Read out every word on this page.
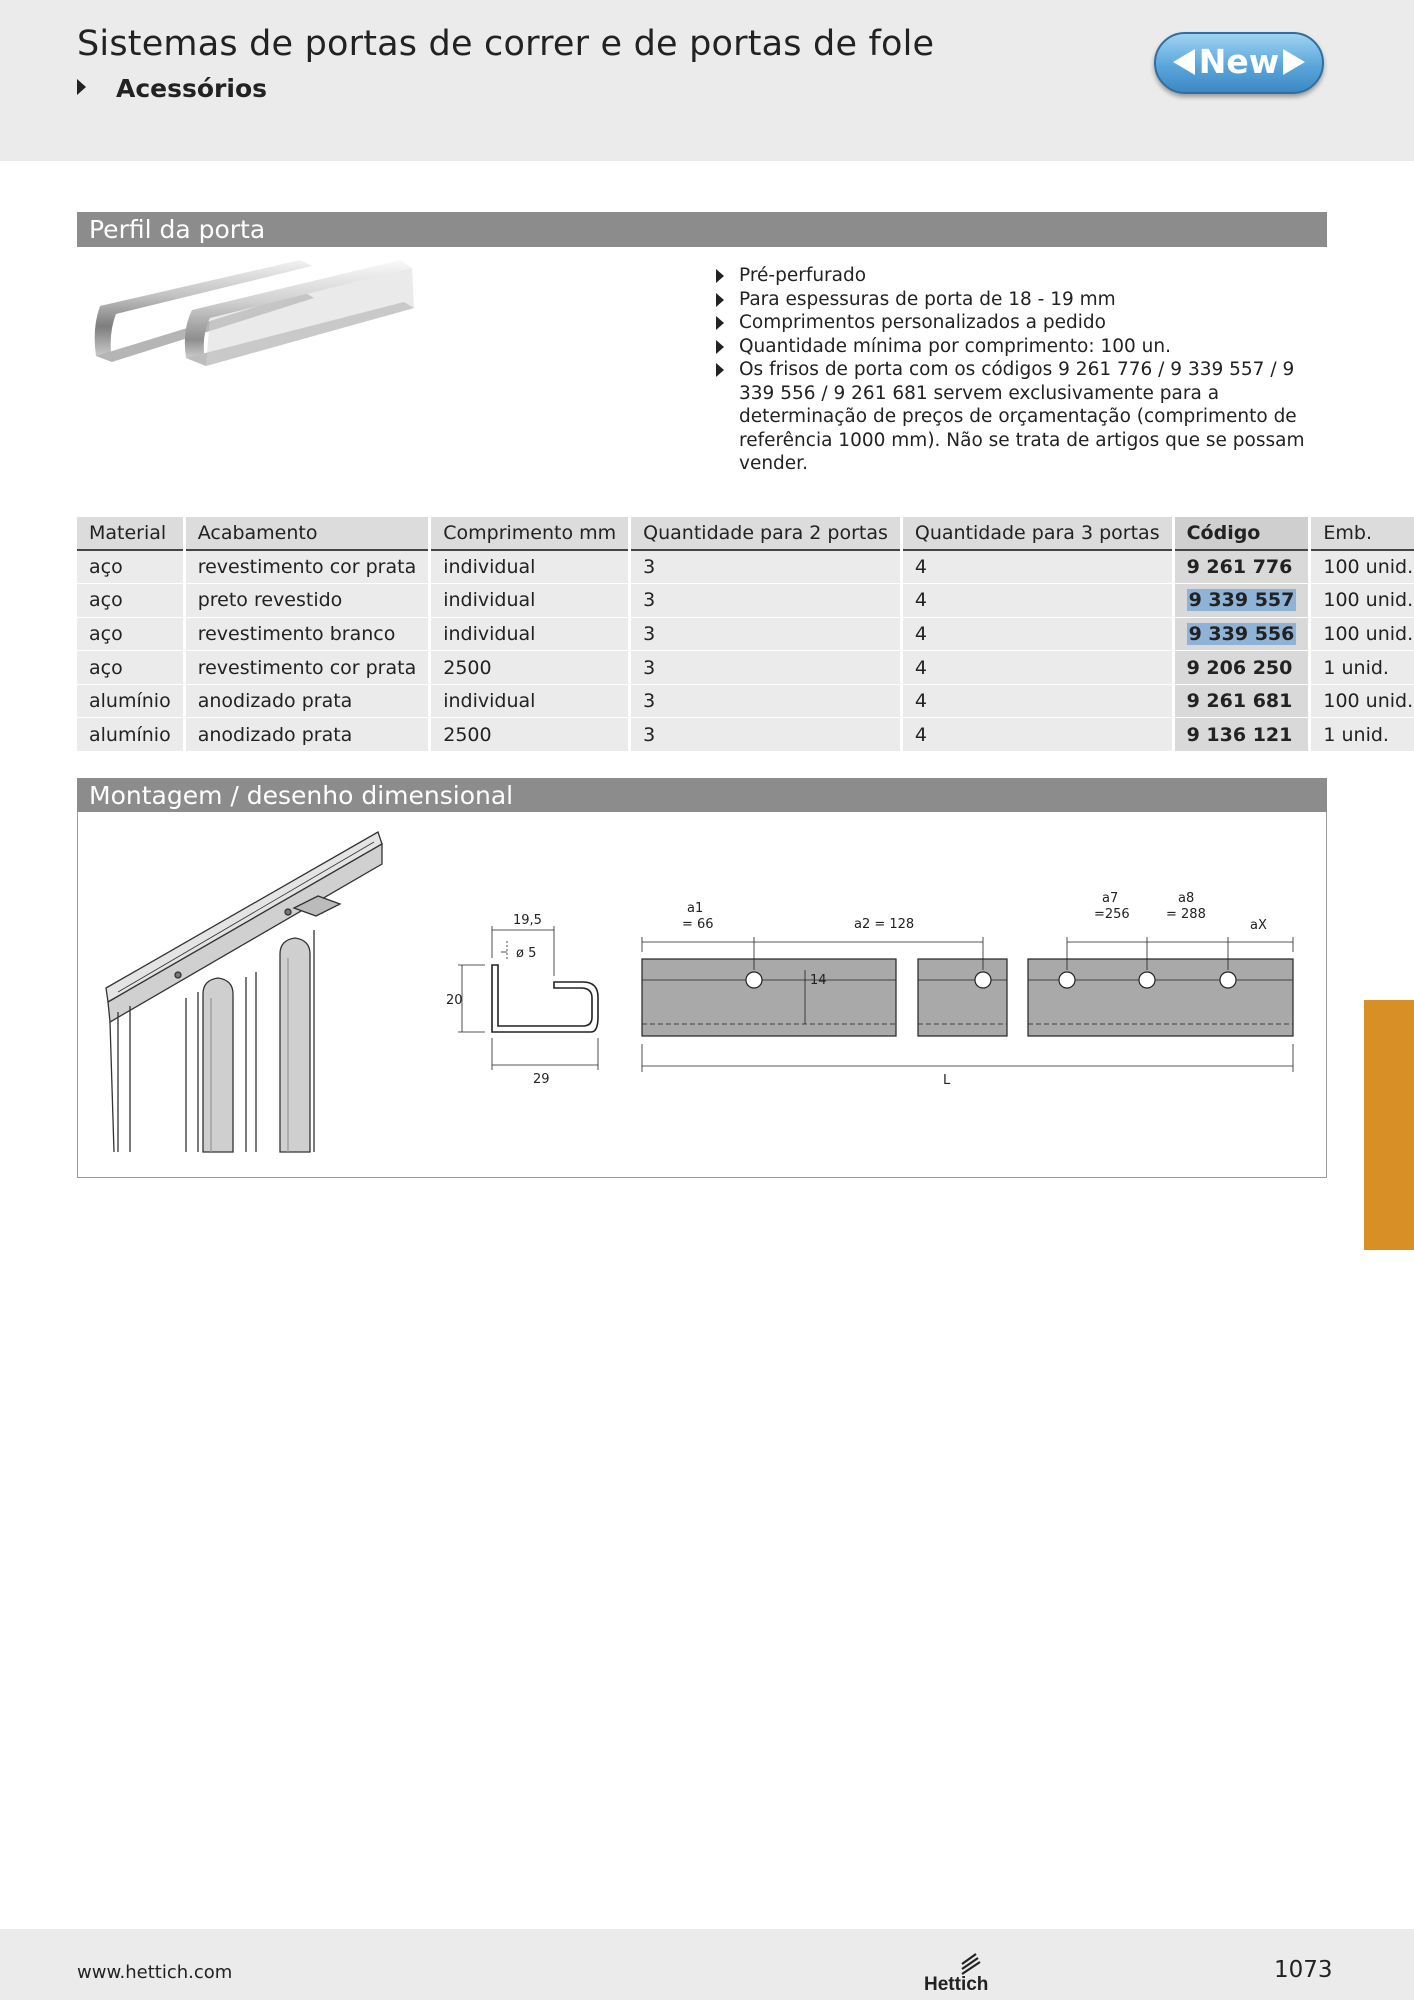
Sistemas de portas de correr e de portas de fole
Acessórios
New
Perfil da porta
Pré-perfurado
Para espessuras de porta de 18 - 19 mm
Comprimentos personalizados a pedido
Quantidade mínima por comprimento: 100 un.
Os frisos de porta com os códigos 9 261 776 / 9 339 557 / 9 339 556 / 9 261 681 servem exclusivamente para a determinação de preços de orçamentação (comprimento de referência 1000 mm). Não se trata de artigos que se possam vender.
Material	Acabamento	Comprimento mm	Quantidade para 2 portas	Quantidade para 3 portas	Código	Emb.
aço	revestimento cor prata	individual	3	4	9 261 776	100 unid.
aço	preto revestido	individual	3	4	9 339 557	100 unid.
aço	revestimento branco	individual	3	4	9 339 556	100 unid.
aço	revestimento cor prata	2500	3	4	9 206 250	1 unid.
alumínio	anodizado prata	individual	3	4	9 261 681	100 unid.
alumínio	anodizado prata	2500	3	4	9 136 121	1 unid.
Montagem / desenho dimensional
19,5
ø 5
20
29
a1
= 66	a2 = 128
14
a7
=256
a8
= 288
aX
L
www.hettich.com
Hettich
1073
